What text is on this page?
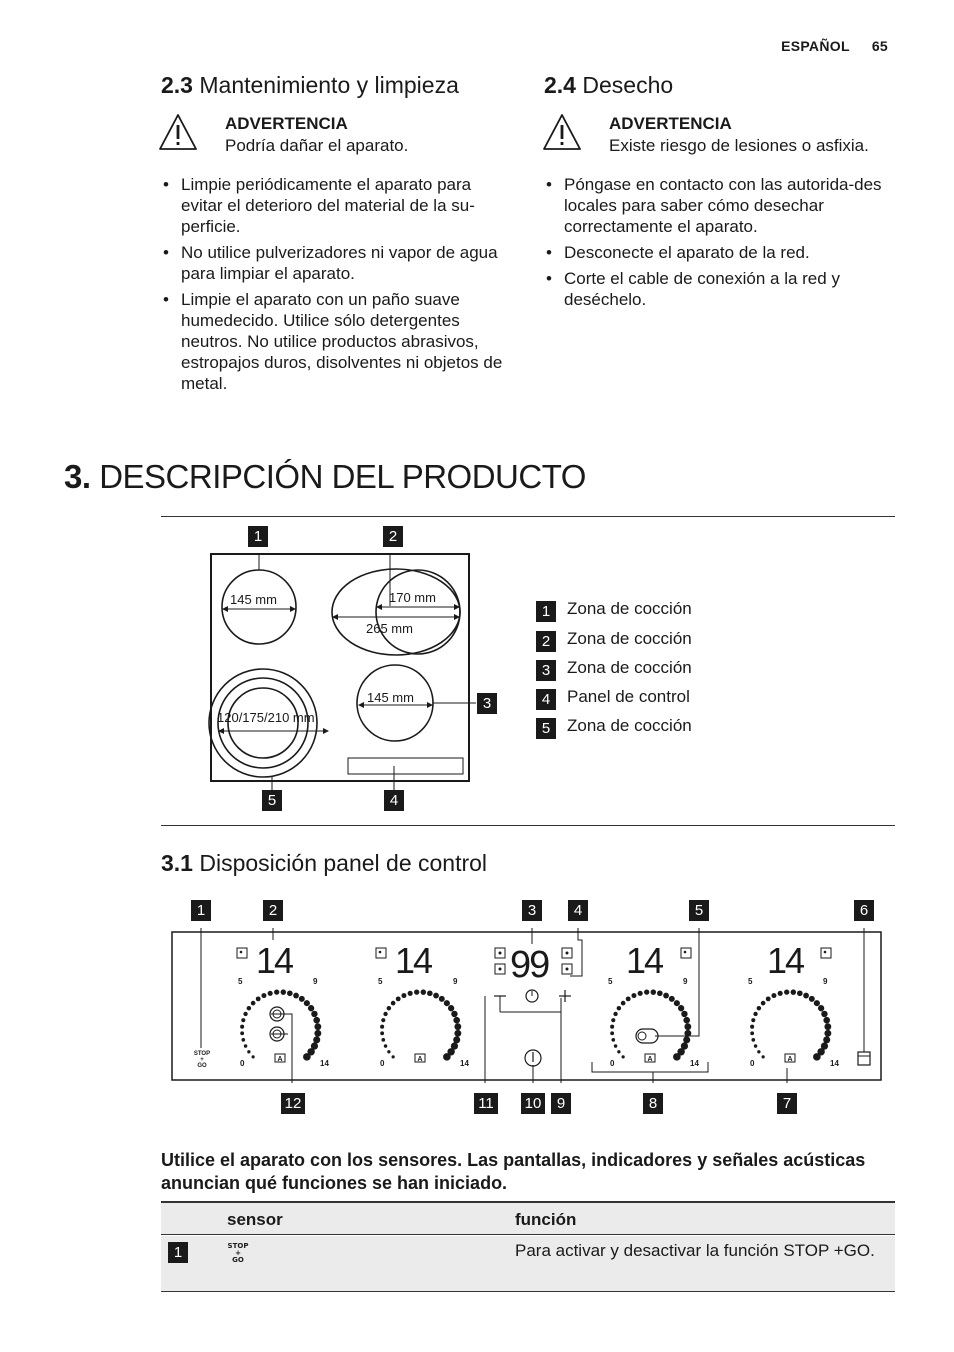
ESPAÑOL 65
2.3 Mantenimiento y limpieza
ADVERTENCIA
Podría dañar el aparato.
• Limpie periódicamente el aparato para evitar el deterioro del material de la su-perficie.
• No utilice pulverizadores ni vapor de agua para limpiar el aparato.
• Limpie el aparato con un paño suave humedecido. Utilice sólo detergentes neutros. No utilice productos abrasivos, estropajos duros, disolventes ni objetos de metal.
2.4 Desecho
ADVERTENCIA
Existe riesgo de lesiones o asfixia.
• Póngase en contacto con las autorida-des locales para saber cómo desechar correctamente el aparato.
• Desconecte el aparato de la red.
• Corte el cable de conexión a la red y deséchelo.
3. DESCRIPCIÓN DEL PRODUCTO
145 mm	170 mm
265 mm
145 mm
120/175/210 mm
1	2
3
4
5
1 Zona de cocción
2 Zona de cocción
3 Zona de cocción
4 Panel de control
5 Zona de cocción
3.1 Disposición panel de control
14
0
5	9
14
A
14
0
5	9
14
A
14
0
5	9
14
A
14
0
5	9
14
A
99
STOP
+
GO
1	2	3	4	5	6
12	11 10	9	8	7
Utilice el aparato con los sensores. Las pantallas, indicadores y señales acústicas anuncian qué funciones se han iniciado.
sensor	función
1	STOP
+
GO	Para activar y desactivar la función STOP +GO.
